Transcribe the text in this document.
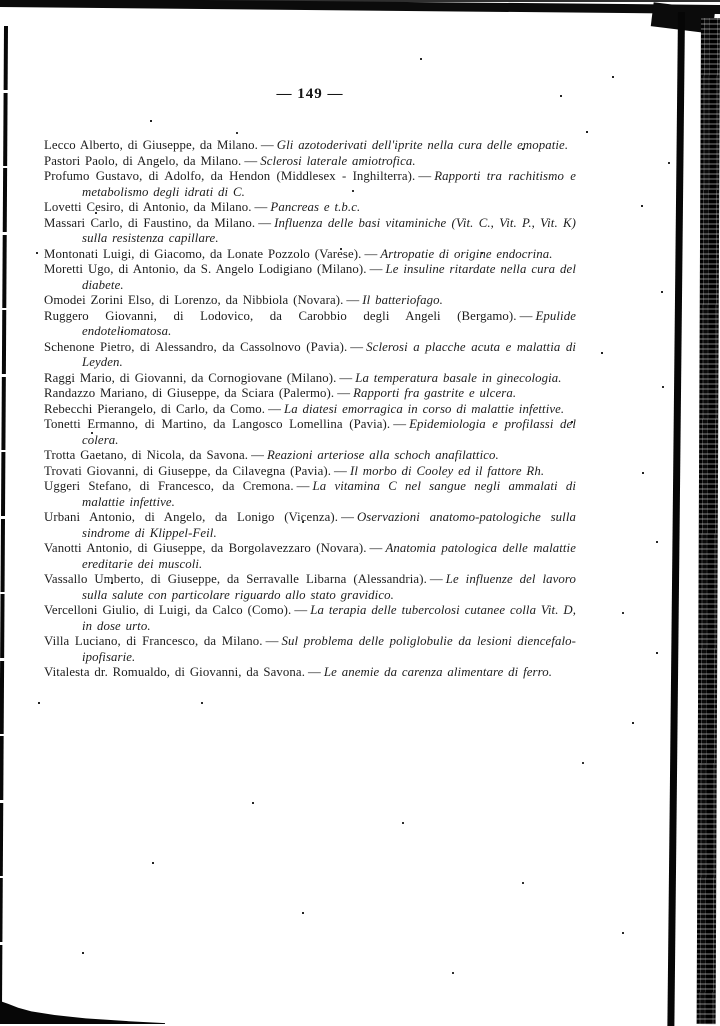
— 149 —

Lecco Alberto, di Giuseppe, da Milano. — Gli azotoderivati dell'iprite nella cura delle emopatie.

Pastori Paolo, di Angelo, da Milano. — Sclerosi laterale amiotrofica.

Profumo Gustavo, di Adolfo, da Hendon (Middlesex - Inghilterra). — Rapporti tra rachitismo e metabolismo degli idrati di C.

Lovetti Cesiro, di Antonio, da Milano. — Pancreas e t.b.c.

Massari Carlo, di Faustino, da Milano. — Influenza delle basi vitaminiche (Vit. C., Vit. P., Vit. K) sulla resistenza capillare.

Montonati Luigi, di Giacomo, da Lonate Pozzolo (Varese). — Artropatie di origine endocrina.

Moretti Ugo, di Antonio, da S. Angelo Lodigiano (Milano). — Le insuline ritardate nella cura del diabete.

Omodei Zorini Elso, di Lorenzo, da Nibbiola (Novara). — Il batteriofago.

Ruggero Giovanni, di Lodovico, da Carobbio degli Angeli (Bergamo). — Epulide endoteliomatosa.

Schenone Pietro, di Alessandro, da Cassolnovo (Pavia). — Sclerosi a placche acuta e malattia di Leyden.

Raggi Mario, di Giovanni, da Cornogiovane (Milano). — La temperatura basale in ginecologia.

Randazzo Mariano, di Giuseppe, da Sciara (Palermo). — Rapporti fra gastrite e ulcera.

Rebecchi Pierangelo, di Carlo, da Como. — La diatesi emorragica in corso di malattie infettive.

Tonetti Ermanno, di Martino, da Langosco Lomellina (Pavia). — Epidemiologia e profilassi del colera.

Trotta Gaetano, di Nicola, da Savona. — Reazioni arteriose alla schoch anafilattico.

Trovati Giovanni, di Giuseppe, da Cilavegna (Pavia). — Il morbo di Cooley ed il fattore Rh.

Uggeri Stefano, di Francesco, da Cremona. — La vitamina C nel sangue negli ammalati di malattie infettive.

Urbani Antonio, di Angelo, da Lonigo (Vicenza). — Oservazioni anatomo-patologiche sulla sindrome di Klippel-Feil.

Vanotti Antonio, di Giuseppe, da Borgolavezzaro (Novara). — Anatomia patologica delle malattie ereditarie dei muscoli.

Vassallo Umberto, di Giuseppe, da Serravalle Libarna (Alessandria). — Le influenze del lavoro sulla salute con particolare riguardo allo stato gravidico.

Vercelloni Giulio, di Luigi, da Calco (Como). — La terapia delle tubercolosi cutanee colla Vit. D, in dose urto.

Villa Luciano, di Francesco, da Milano. — Sul problema delle poliglobulie da lesioni diencefalo-ipofisarie.

Vitalesta dr. Romualdo, di Giovanni, da Savona. — Le anemie da carenza alimentare di ferro.
